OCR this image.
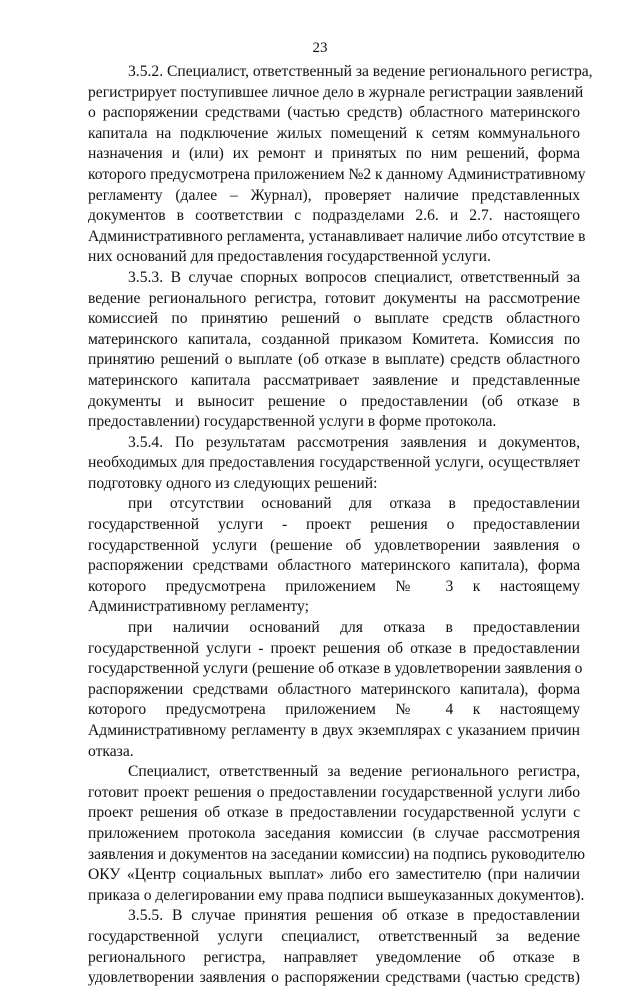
23
3.5.2. Специалист, ответственный за ведение регионального регистра,
регистрирует поступившее личное дело в журнале регистрации заявлений
о распоряжении средствами (частью средств) областного материнского
капитала на подключение жилых помещений к сетям коммунального
назначения и (или) их ремонт и принятых по ним решений, форма
которого предусмотрена приложением №2 к данному Административному
регламенту (далее – Журнал), проверяет наличие представленных
документов в соответствии с подразделами 2.6. и 2.7. настоящего
Административного регламента, устанавливает наличие либо отсутствие в
них оснований для предоставления государственной услуги.
3.5.3. В случае спорных вопросов специалист, ответственный за
ведение регионального регистра, готовит документы на рассмотрение
комиссией по принятию решений о выплате средств областного
материнского капитала, созданной приказом Комитета. Комиссия по
принятию решений о выплате (об отказе в выплате) средств областного
материнского капитала рассматривает заявление и представленные
документы и выносит решение о предоставлении (об отказе в
предоставлении) государственной услуги в форме протокола.
3.5.4. По результатам рассмотрения заявления и документов,
необходимых для предоставления государственной услуги, осуществляет
подготовку одного из следующих решений:
при отсутствии оснований для отказа в предоставлении
государственной услуги - проект решения о предоставлении
государственной услуги (решение об удовлетворении заявления о
распоряжении средствами областного материнского капитала), форма
которого предусмотрена приложением № 3 к настоящему
Административному регламенту;
при наличии оснований для отказа в предоставлении
государственной услуги - проект решения об отказе в предоставлении
государственной услуги (решение об отказе в удовлетворении заявления о
распоряжении средствами областного материнского капитала), форма
которого предусмотрена приложением № 4 к настоящему
Административному регламенту в двух экземплярах с указанием причин
отказа.
Специалист, ответственный за ведение регионального регистра,
готовит проект решения о предоставлении государственной услуги либо
проект решения об отказе в предоставлении государственной услуги с
приложением протокола заседания комиссии (в случае рассмотрения
заявления и документов на заседании комиссии) на подпись руководителю
ОКУ «Центр социальных выплат» либо его заместителю (при наличии
приказа о делегировании ему права подписи вышеуказанных документов).
3.5.5. В случае принятия решения об отказе в предоставлении
государственной услуги специалист, ответственный за ведение
регионального регистра, направляет уведомление об отказе в
удовлетворении заявления о распоряжении средствами (частью средств)
